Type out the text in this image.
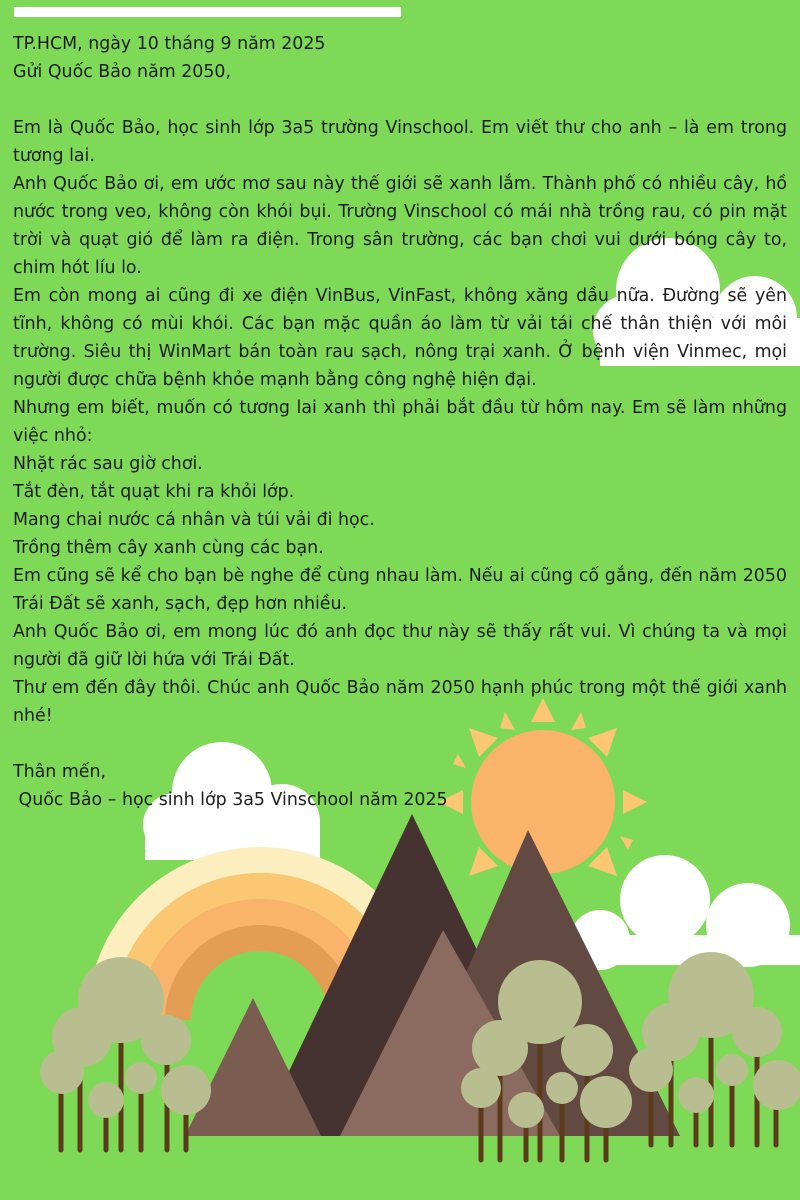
TP.HCM, ngày 10 tháng 9 năm 2025

Gửi Quốc Bảo năm 2050,

Em là Quốc Bảo, học sinh lớp 3a5 trường Vinschool. Em viết thư cho anh – là em trong tương lai.

Anh Quốc Bảo ơi, em ước mơ sau này thế giới sẽ xanh lắm. Thành phố có nhiều cây, hồ nước trong veo, không còn khói bụi. Trường Vinschool có mái nhà trồng rau, có pin mặt trời và quạt gió để làm ra điện. Trong sân trường, các bạn chơi vui dưới bóng cây to, chim hót líu lo.

Em còn mong ai cũng đi xe điện VinBus, VinFast, không xăng dầu nữa. Đường sẽ yên tĩnh, không có mùi khói. Các bạn mặc quần áo làm từ vải tái chế thân thiện với môi trường. Siêu thị WinMart bán toàn rau sạch, nông trại xanh. Ở bệnh viện Vinmec, mọi người được chữa bệnh khỏe mạnh bằng công nghệ hiện đại.

Nhưng em biết, muốn có tương lai xanh thì phải bắt đầu từ hôm nay. Em sẽ làm những việc nhỏ:

Nhặt rác sau giờ chơi.

Tắt đèn, tắt quạt khi ra khỏi lớp.

Mang chai nước cá nhân và túi vải đi học.

Trồng thêm cây xanh cùng các bạn.

Em cũng sẽ kể cho bạn bè nghe để cùng nhau làm. Nếu ai cũng cố gắng, đến năm 2050 Trái Đất sẽ xanh, sạch, đẹp hơn nhiều.

Anh Quốc Bảo ơi, em mong lúc đó anh đọc thư này sẽ thấy rất vui. Vì chúng ta và mọi người đã giữ lời hứa với Trái Đất.

Thư em đến đây thôi. Chúc anh Quốc Bảo năm 2050 hạnh phúc trong một thế giới xanh nhé!

Thân mến,

Quốc Bảo – học sinh lớp 3a5 Vinschool năm 2025
